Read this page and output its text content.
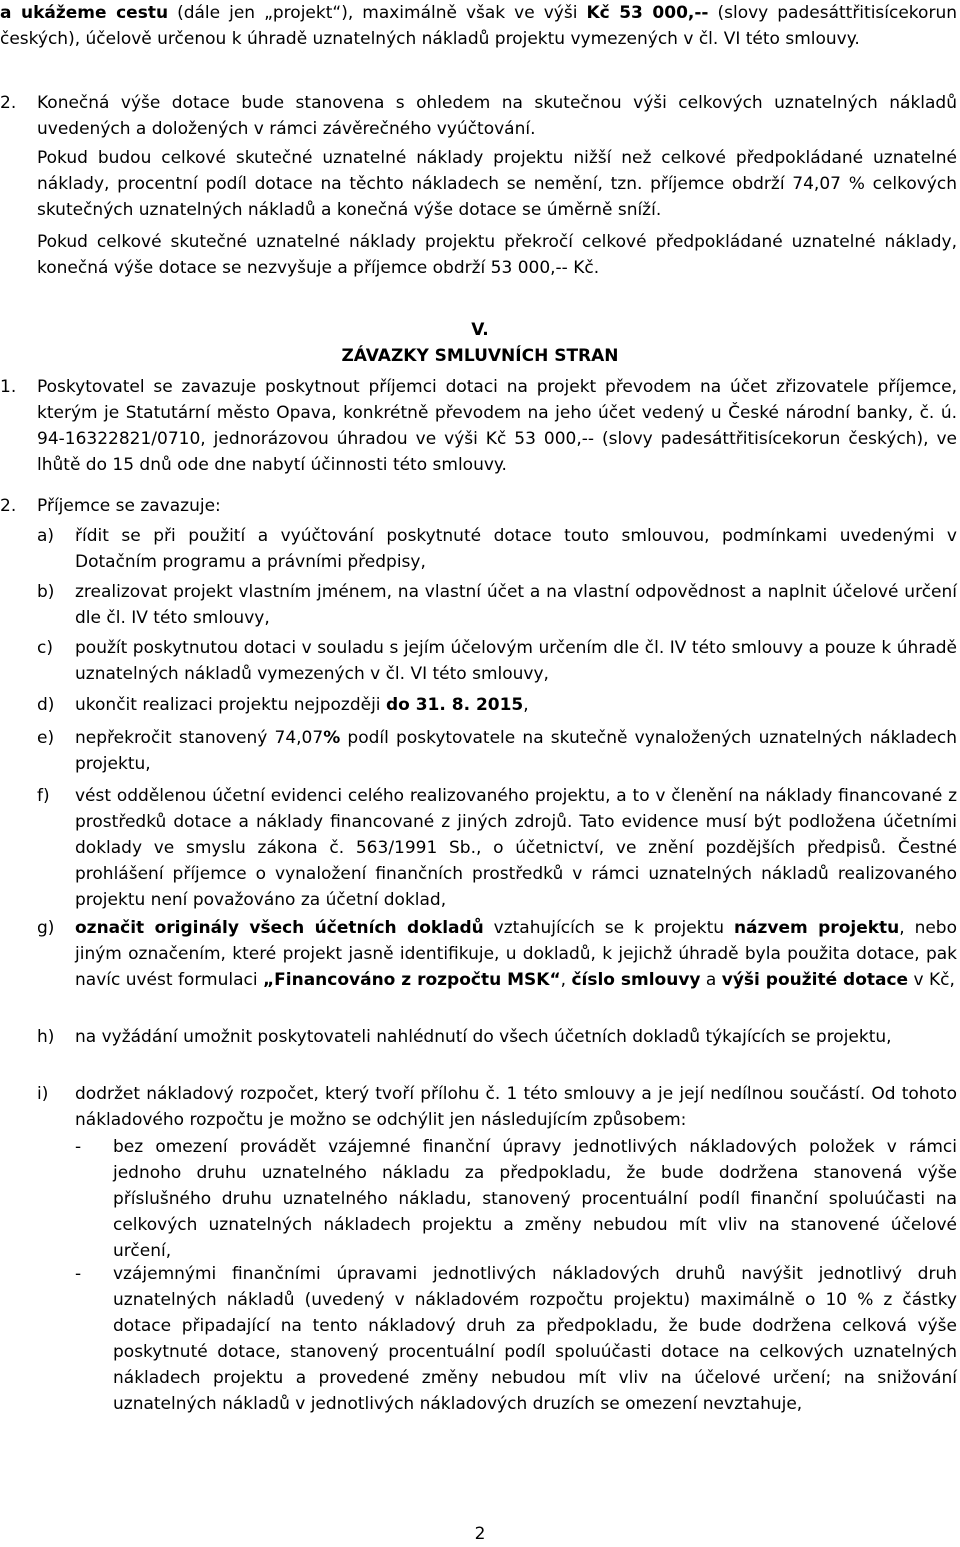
a ukážeme cestu (dále jen „projekt“), maximálně však ve výši Kč 53 000,-- (slovy padesáttřitisícekorun českých), účelově určenou k úhradě uznatelných nákladů projektu vymezených v čl. VI této smlouvy.

2. Konečná výše dotace bude stanovena s ohledem na skutečnou výši celkových uznatelných nákladů uvedených a doložených v rámci závěrečného vyúčtování.

Pokud budou celkové skutečné uznatelné náklady projektu nižší než celkové předpokládané uznatelné náklady, procentní podíl dotace na těchto nákladech se nemění, tzn. příjemce obdrží 74,07 % celkových skutečných uznatelných nákladů a konečná výše dotace se úměrně sníží.

Pokud celkové skutečné uznatelné náklady projektu překročí celkové předpokládané uznatelné náklady, konečná výše dotace se nezvyšuje a příjemce obdrží 53 000,-- Kč.

V.
ZÁVAZKY SMLUVNÍCH STRAN
1. Poskytovatel se zavazuje poskytnout příjemci dotaci na projekt převodem na účet zřizovatele příjemce, kterým je Statutární město Opava, konkrétně převodem na jeho účet vedený u České národní banky, č. ú. 94-16322821/0710, jednorázovou úhradou ve výši Kč 53 000,-- (slovy padesáttřitisícekorun českých), ve lhůtě do 15 dnů ode dne nabytí účinnosti této smlouvy.

2. Příjemce se zavazuje:

a) řídit se při použití a vyúčtování poskytnuté dotace touto smlouvou, podmínkami uvedenými v Dotačním programu a právními předpisy,

b) zrealizovat projekt vlastním jménem, na vlastní účet a na vlastní odpovědnost a naplnit účelové určení dle čl. IV této smlouvy,

c) použít poskytnutou dotaci v souladu s jejím účelovým určením dle čl. IV této smlouvy a pouze k úhradě uznatelných nákladů vymezených v čl. VI této smlouvy,

d) ukončit realizaci projektu nejpozději do 31. 8. 2015,

e) nepřekročit stanovený 74,07% podíl poskytovatele na skutečně vynaložených uznatelných nákladech projektu,

f) vést oddělenou účetní evidenci celého realizovaného projektu, a to v členění na náklady financované z prostředků dotace a náklady financované z jiných zdrojů. Tato evidence musí být podložena účetními doklady ve smyslu zákona č. 563/1991 Sb., o účetnictví, ve znění pozdějších předpisů. Čestné prohlášení příjemce o vynaložení finančních prostředků v rámci uznatelných nákladů realizovaného projektu není považováno za účetní doklad,

g) označit originály všech účetních dokladů vztahujících se k projektu názvem projektu, nebo jiným označením, které projekt jasně identifikuje, u dokladů, k jejichž úhradě byla použita dotace, pak navíc uvést formulaci „Financováno z rozpočtu MSK“, číslo smlouvy a výši použité dotace v Kč,

h) na vyžádání umožnit poskytovateli nahlédnutí do všech účetních dokladů týkajících se projektu,

i) dodržet nákladový rozpočet, který tvoří přílohu č. 1 této smlouvy a je její nedílnou součástí. Od tohoto nákladového rozpočtu je možno se odchýlit jen následujícím způsobem:

- bez omezení provádět vzájemné finanční úpravy jednotlivých nákladových položek v rámci jednoho druhu uznatelného nákladu za předpokladu, že bude dodržena stanovená výše příslušného druhu uznatelného nákladu, stanovený procentuální podíl finanční spoluúčasti na celkových uznatelných nákladech projektu a změny nebudou mít vliv na stanovené účelové určení,

- vzájemnými finančními úpravami jednotlivých nákladových druhů navýšit jednotlivý druh uznatelných nákladů (uvedený v nákladovém rozpočtu projektu) maximálně o 10 % z částky dotace připadající na tento nákladový druh za předpokladu, že bude dodržena celková výše poskytnuté dotace, stanovený procentuální podíl spoluúčasti dotace na celkových uznatelných nákladech projektu a provedené změny nebudou mít vliv na účelové určení; na snižování uznatelných nákladů v jednotlivých nákladových druzích se omezení nevztahuje,

2
